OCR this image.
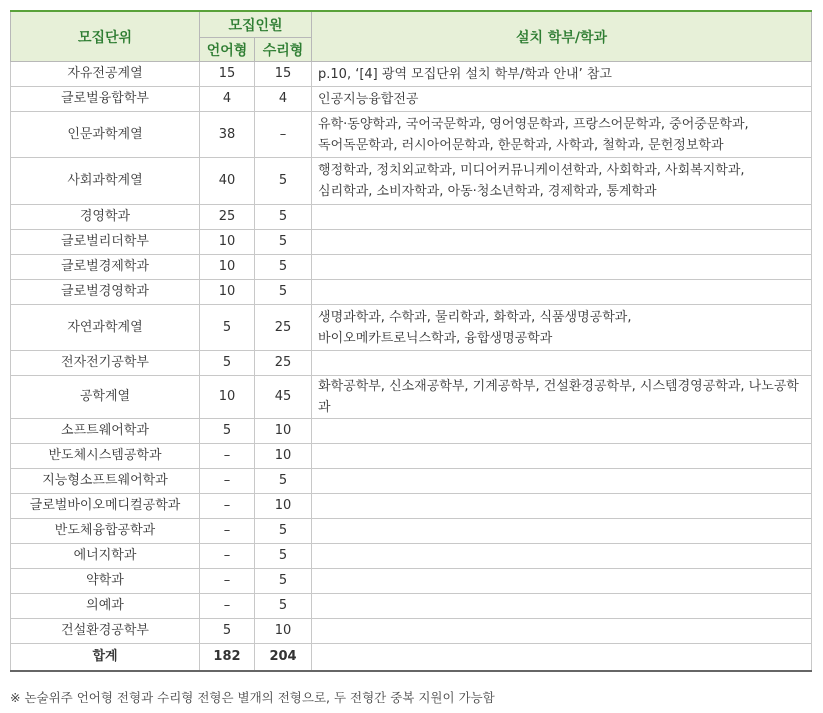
모집단위	모집인원		설치 학부/학과
	언어형	수리형	
자유전공계열	15	15	p.10, ‘[4] 광역 모집단위 설치 학부/학과 안내’ 참고

글로벌융합학부	4	4	인공지능융합전공

인문과학계열	38	–	유학·동양학과, 국어국문학과, 영어영문학과, 프랑스어문학과, 중어중문학과,
독어독문학과, 러시아어문학과, 한문학과, 사학과, 철학과, 문헌정보학과

사회과학계열	40	5	행정학과, 정치외교학과, 미디어커뮤니케이션학과, 사회학과, 사회복지학과,
심리학과, 소비자학과, 아동·청소년학과, 경제학과, 통계학과

경영학과	25	5	

글로벌리더학부	10	5	

글로벌경제학과	10	5	

글로벌경영학과	10	5	

자연과학계열	5	25	생명과학과, 수학과, 물리학과, 화학과, 식품생명공학과,
바이오메카트로닉스학과, 융합생명공학과

전자전기공학부	5	25	

공학계열	10	45	화학공학부, 신소재공학부, 기계공학부, 건설환경공학부, 시스템경영공학과, 나노공학과

소프트웨어학과	5	10	

반도체시스템공학과	–	10	

지능형소프트웨어학과	–	5	

글로벌바이오메디컬공학과	–	10	

반도체융합공학과	–	5	

에너지학과	–	5	

약학과	–	5	

의예과	–	5	

건설환경공학부	5	10	

합계	182	204	
※ 논술위주 언어형 전형과 수리형 전형은 별개의 전형으로, 두 전형간 중복 지원이 가능함
